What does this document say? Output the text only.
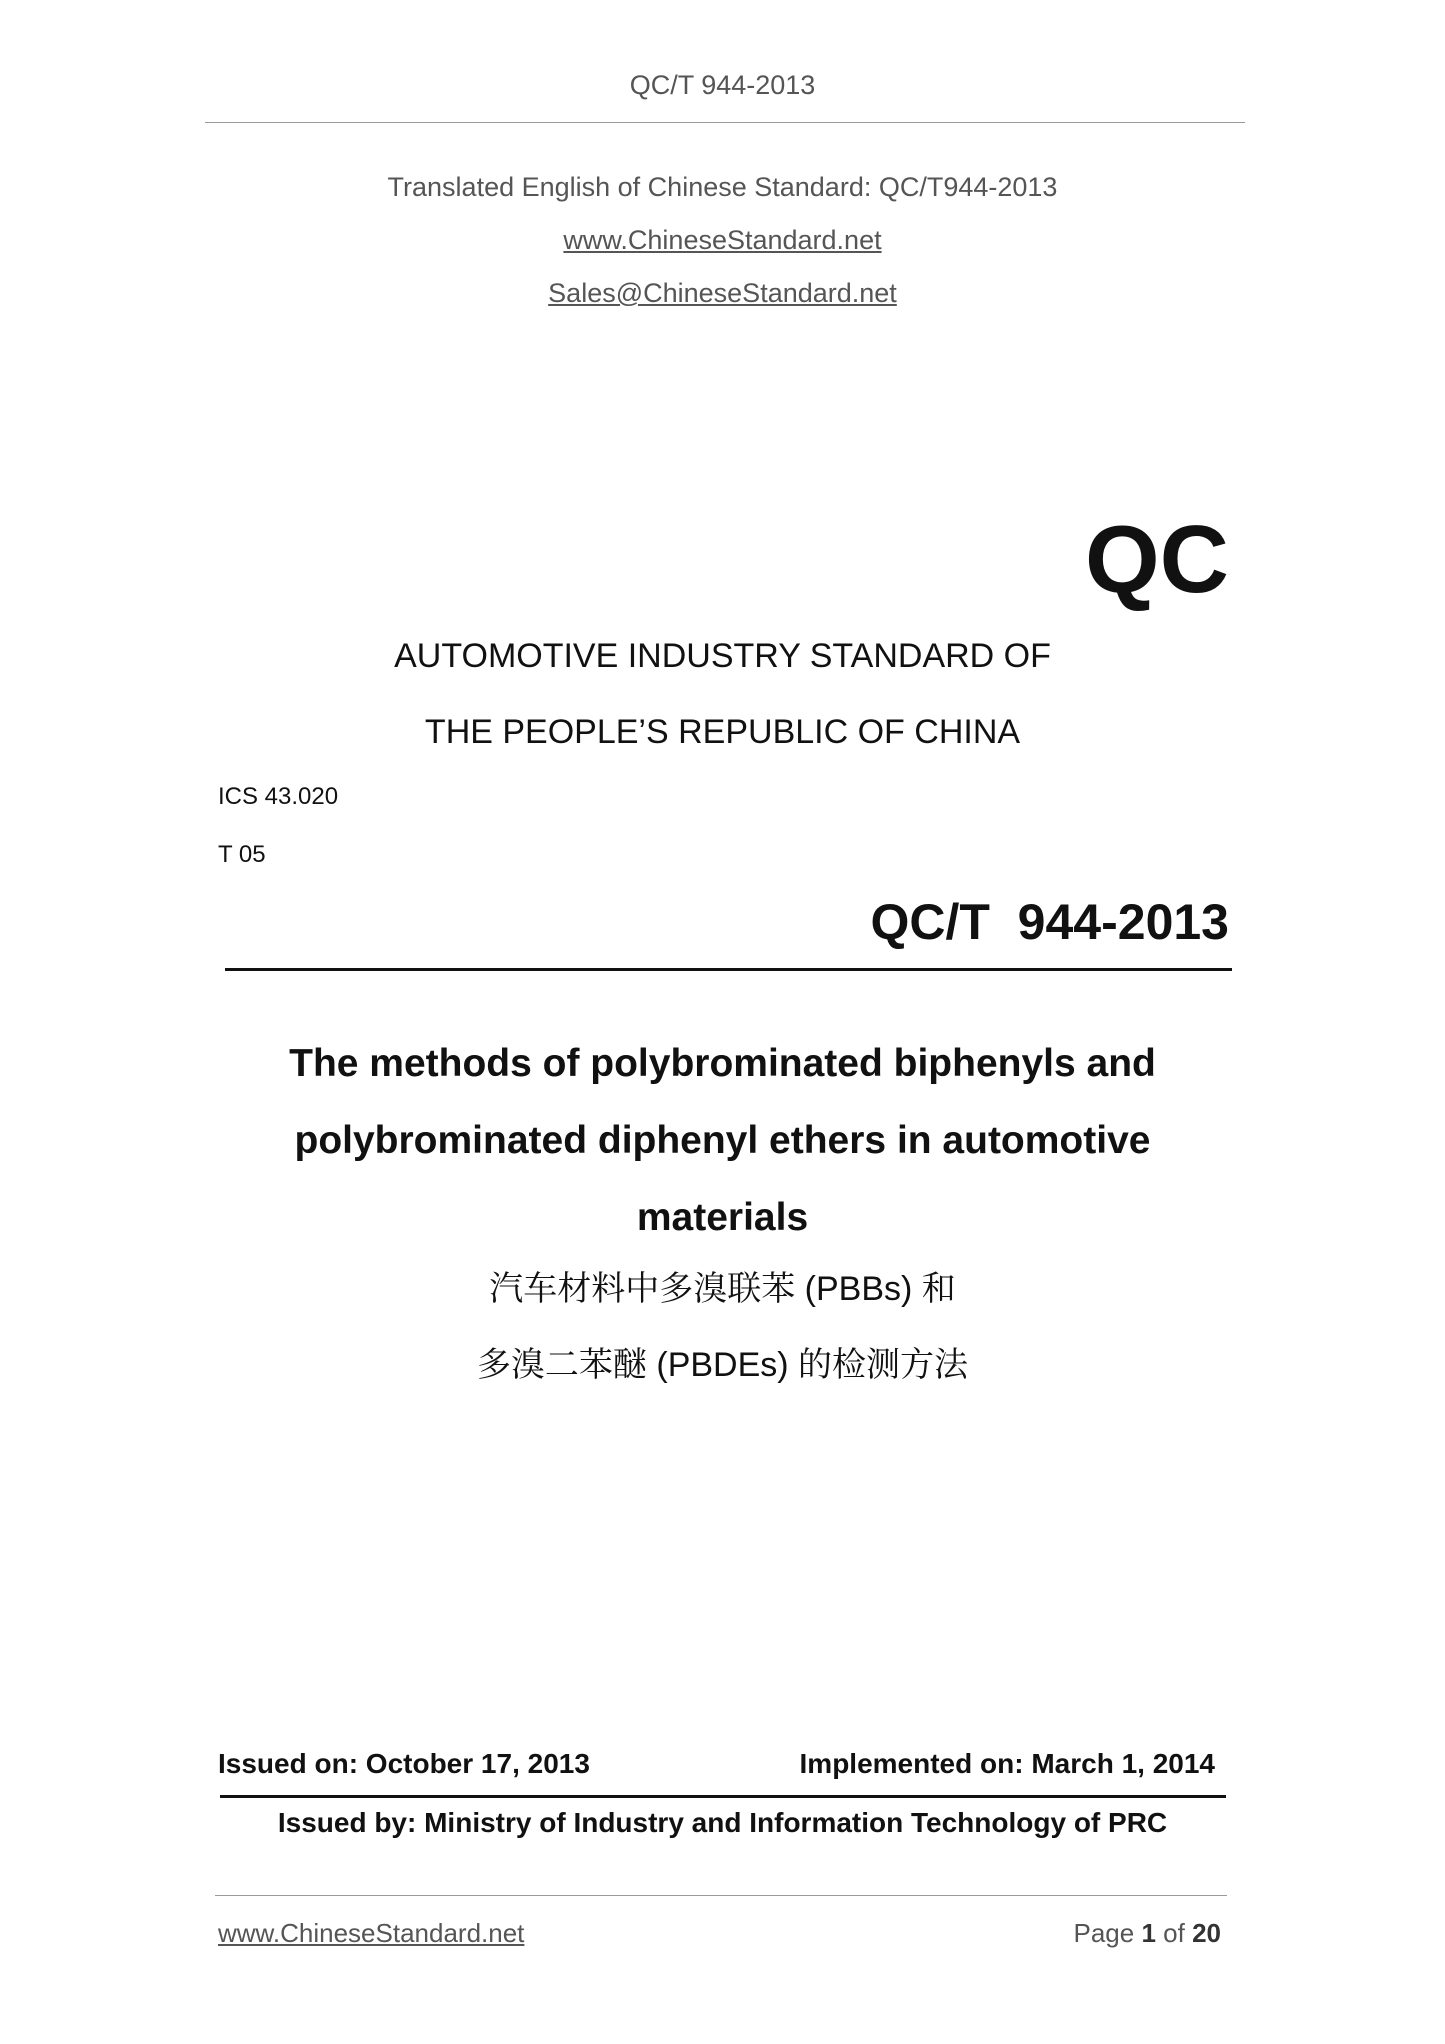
QC/T 944-2013
Translated English of Chinese Standard: QC/T944-2013
www.ChineseStandard.net
Sales@ChineseStandard.net
QC
AUTOMOTIVE INDUSTRY STANDARD OF
THE PEOPLE’S REPUBLIC OF CHINA
ICS 43.020
T 05
QC/T  944-2013
The methods of polybrominated biphenyls and
polybrominated diphenyl ethers in automotive
materials
汽车材料中多溴联苯 (PBBs) 和
多溴二苯醚 (PBDEs) 的检测方法
Issued on: October 17, 2013	Implemented on: March 1, 2014
Issued by: Ministry of Industry and Information Technology of PRC
www.ChineseStandard.net	Page 1 of 20
